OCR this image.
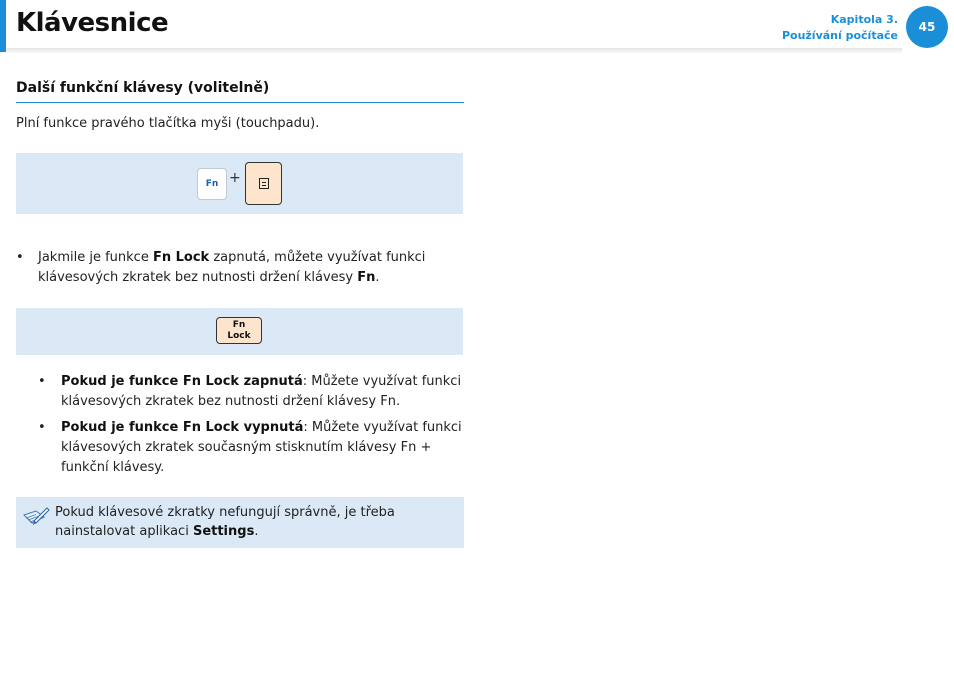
Klávesnice	Kapitola 3.
Používání počítače
45
Další funkční klávesy (volitelně)
Plní funkce pravého tlačítka myši (touchpadu).
Fn +
• Jakmile je funkce Fn Lock zapnutá, můžete využívat funkci
klávesových zkratek bez nutnosti držení klávesy Fn.
Fn
Lock
• Pokud je funkce Fn Lock zapnutá: Můžete využívat funkci
klávesových zkratek bez nutnosti držení klávesy Fn.
• Pokud je funkce Fn Lock vypnutá: Můžete využívat funkci
klávesových zkratek současným stisknutím klávesy Fn +
funkční klávesy.
Pokud klávesové zkratky nefungují správně, je třeba
nainstalovat aplikaci Settings.
